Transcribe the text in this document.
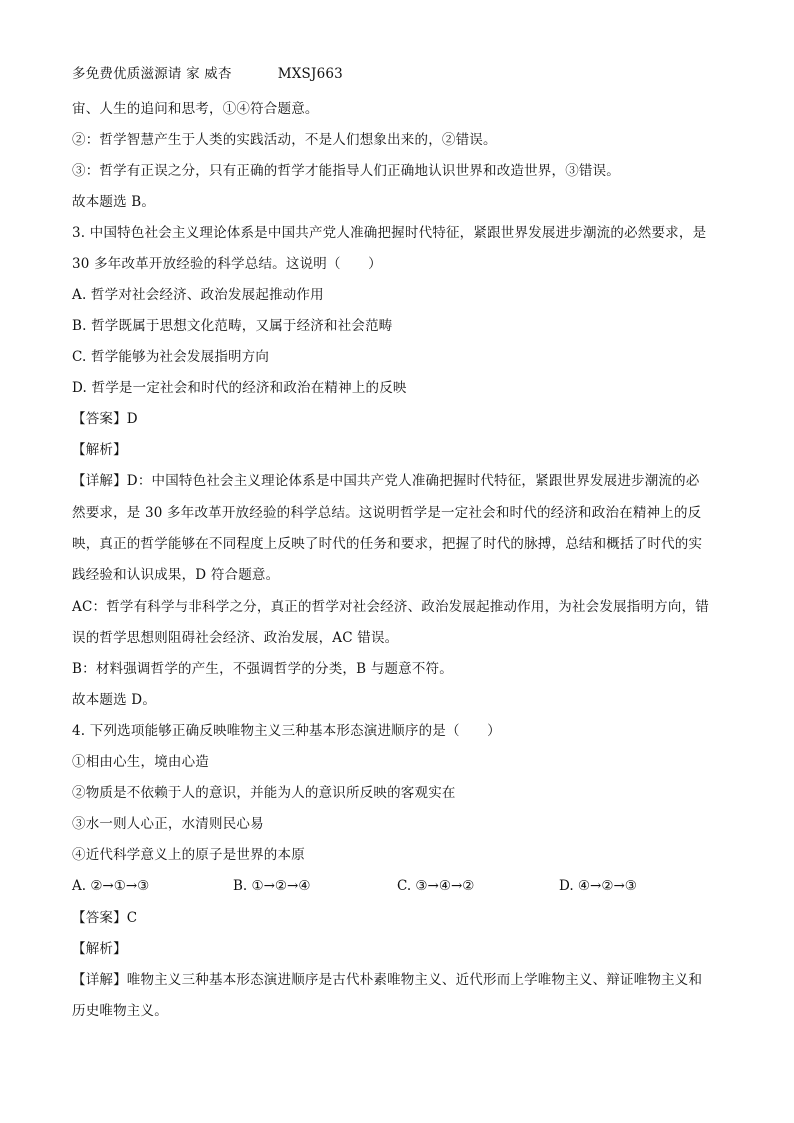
多免费优质滋源请 家 威杏	MXSJ663
宙、人生的追问和思考，①④符合题意。
②：哲学智慧产生于人类的实践活动，不是人们想象出来的，②错误。
③：哲学有正误之分，只有正确的哲学才能指导人们正确地认识世界和改造世界，③错误。
故本题选 B。
3. 中国特色社会主义理论体系是中国共产党人准确把握时代特征，紧跟世界发展进步潮流的必然要求，是
30 多年改革开放经验的科学总结。这说明（　　）
A. 哲学对社会经济、政治发展起推动作用
B. 哲学既属于思想文化范畴，又属于经济和社会范畴
C. 哲学能够为社会发展指明方向
D. 哲学是一定社会和时代的经济和政治在精神上的反映
【答案】D
【解析】
【详解】D：中国特色社会主义理论体系是中国共产党人准确把握时代特征，紧跟世界发展进步潮流的必
然要求，是 30 多年改革开放经验的科学总结。这说明哲学是一定社会和时代的经济和政治在精神上的反
映，真正的哲学能够在不同程度上反映了时代的任务和要求，把握了时代的脉搏，总结和概括了时代的实
践经验和认识成果，D 符合题意。
AC：哲学有科学与非科学之分，真正的哲学对社会经济、政治发展起推动作用，为社会发展指明方向，错
误的哲学思想则阻碍社会经济、政治发展，AC 错误。
B：材料强调哲学的产生，不强调哲学的分类，B 与题意不符。
故本题选 D。
4. 下列选项能够正确反映唯物主义三种基本形态演进顺序的是（　　）
①相由心生，境由心造
②物质是不依赖于人的意识，并能为人的意识所反映的客观实在
③水一则人心正，水清则民心易
④近代科学意义上的原子是世界的本原
A. ②→①→③	B. ①→②→④	C. ③→④→②	D. ④→②→③
【答案】C
【解析】
【详解】唯物主义三种基本形态演进顺序是古代朴素唯物主义、近代形而上学唯物主义、辩证唯物主义和
历史唯物主义。
